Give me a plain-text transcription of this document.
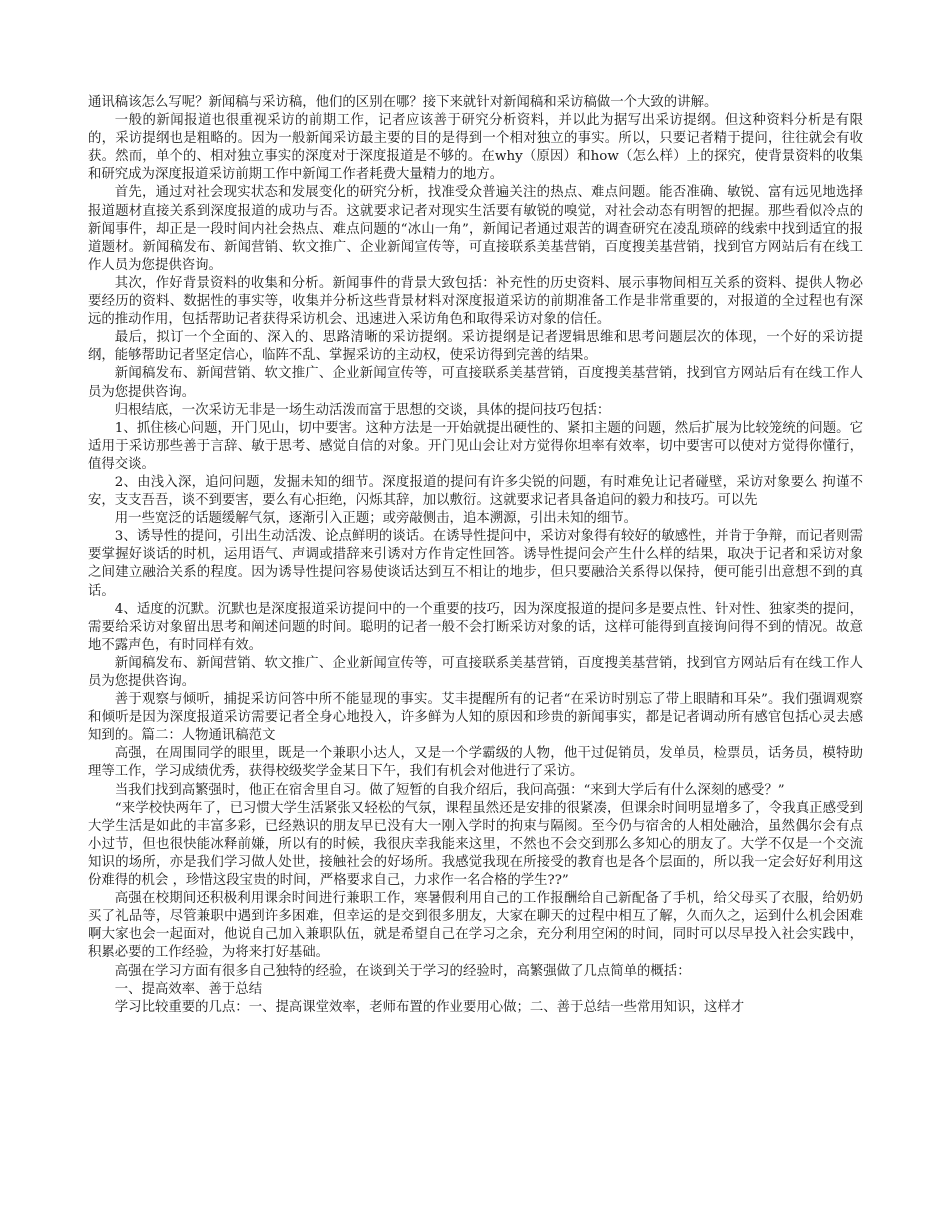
通讯稿该怎么写呢？新闻稿与采访稿，他们的区别在哪？接下来就针对新闻稿和采访稿做一个大致的讲解。

一般的新闻报道也很重视采访的前期工作，记者应该善于研究分析资料，并以此为据写出采访提纲。但这种资料分析是有限的，采访提纲也是粗略的。因为一般新闻采访最主要的目的是得到一个相对独立的事实。所以，只要记者精于提问，往往就会有收获。然而，单个的、相对独立事实的深度对于深度报道是不够的。在why（原因）和how（怎么样）上的探究，使背景资料的收集和研究成为深度报道采访前期工作中新闻工作者耗费大量精力的地方。

首先，通过对社会现实状态和发展变化的研究分析，找准受众普遍关注的热点、难点问题。能否准确、敏锐、富有远见地选择报道题材直接关系到深度报道的成功与否。这就要求记者对现实生活要有敏锐的嗅觉，对社会动态有明智的把握。那些看似冷点的新闻事件，却正是一段时间内社会热点、难点问题的“冰山一角”，新闻记者通过艰苦的调查研究在凌乱琐碎的线索中找到适宜的报道题材。新闻稿发布、新闻营销、软文推广、企业新闻宣传等，可直接联系美基营销，百度搜美基营销，找到官方网站后有在线工作人员为您提供咨询。

其次，作好背景资料的收集和分析。新闻事件的背景大致包括：补充性的历史资料、展示事物间相互关系的资料、提供人物必要经历的资料、数据性的事实等，收集并分析这些背景材料对深度报道采访的前期准备工作是非常重要的，对报道的全过程也有深远的推动作用，包括帮助记者获得采访机会、迅速进入采访角色和取得采访对象的信任。

最后，拟订一个全面的、深入的、思路清晰的采访提纲。采访提纲是记者逻辑思维和思考问题层次的体现，一个好的采访提纲，能够帮助记者坚定信心，临阵不乱、掌握采访的主动权，使采访得到完善的结果。

新闻稿发布、新闻营销、软文推广、企业新闻宣传等，可直接联系美基营销，百度搜美基营销，找到官方网站后有在线工作人员为您提供咨询。

归根结底，一次采访无非是一场生动活泼而富于思想的交谈，具体的提问技巧包括：

1、抓住核心问题，开门见山，切中要害。这种方法是一开始就提出硬性的、紧扣主题的问题，然后扩展为比较笼统的问题。它适用于采访那些善于言辞、敏于思考、感觉自信的对象。开门见山会让对方觉得你坦率有效率，切中要害可以使对方觉得你懂行，值得交谈。

2、由浅入深，追问问题，发掘未知的细节。深度报道的提问有许多尖锐的问题，有时难免让记者碰壁，采访对象要么 拘谨不安，支支吾吾，谈不到要害，要么有心拒绝，闪烁其辞，加以敷衍。这就要求记者具备追问的毅力和技巧。可以先

用一些宽泛的话题缓解气氛，逐渐引入正题；或旁敲侧击，追本溯源，引出未知的细节。

3、诱导性的提问，引出生动活泼、论点鲜明的谈话。在诱导性提问中，采访对象得有较好的敏感性，并肯于争辩，而记者则需要掌握好谈话的时机，运用语气、声调或措辞来引诱对方作肯定性回答。诱导性提问会产生什么样的结果，取决于记者和采访对象之间建立融洽关系的程度。因为诱导性提问容易使谈话达到互不相让的地步，但只要融洽关系得以保持，便可能引出意想不到的真话。

4、适度的沉默。沉默也是深度报道采访提问中的一个重要的技巧，因为深度报道的提问多是要点性、针对性、独家类的提问，需要给采访对象留出思考和阐述问题的时间。聪明的记者一般不会打断采访对象的话，这样可能得到直接询问得不到的情况。故意地不露声色，有时同样有效。

新闻稿发布、新闻营销、软文推广、企业新闻宣传等，可直接联系美基营销，百度搜美基营销，找到官方网站后有在线工作人员为您提供咨询。

善于观察与倾听，捕捉采访问答中所不能显现的事实。艾丰提醒所有的记者“在采访时别忘了带上眼睛和耳朵”。我们强调观察和倾听是因为深度报道采访需要记者全身心地投入，许多鲜为人知的原因和珍贵的新闻事实，都是记者调动所有感官包括心灵去感知到的。篇二：人物通讯稿范文

高强，在周围同学的眼里，既是一个兼职小达人，又是一个学霸级的人物，他干过促销员，发单员，检票员，话务员，模特助理等工作，学习成绩优秀，获得校级奖学金某日下午，我们有机会对他进行了采访。

当我们找到高繁强时，他正在宿舍里自习。做了短暂的自我介绍后，我问高强：“来到大学后有什么深刻的感受？”

“来学校快两年了，已习惯大学生活紧张又轻松的气氛，课程虽然还是安排的很紧凑，但课余时间明显增多了，令我真正感受到大学生活是如此的丰富多彩，已经熟识的朋友早已没有大一刚入学时的拘束与隔阂。至今仍与宿舍的人相处融洽，虽然偶尔会有点小过节，但也很快能冰释前嫌，所以有的时候，我很庆幸我能来这里，不然也不会交到那么多知心的朋友了。大学不仅是一个交流知识的场所，亦是我们学习做人处世，接触社会的好场所。我感觉我现在所接受的教育也是各个层面的，所以我一定会好好利用这份难得的机会 ，珍惜这段宝贵的时间，严格要求自己，力求作一名合格的学生??”

高强在校期间还积极利用课余时间进行兼职工作，寒暑假利用自己的工作报酬给自己新配备了手机，给父母买了衣服，给奶奶买了礼品等，尽管兼职中遇到许多困难，但幸运的是交到很多朋友，大家在聊天的过程中相互了解，久而久之，运到什么机会困难啊大家也会一起面对，他说自己加入兼职队伍，就是希望自己在学习之余，充分利用空闲的时间，同时可以尽早投入社会实践中，积累必要的工作经验，为将来打好基础。

高强在学习方面有很多自己独特的经验，在谈到关于学习的经验时，高繁强做了几点简单的概括：

一、提高效率、善于总结

学习比较重要的几点：一、提高课堂效率，老师布置的作业要用心做；二、善于总结一些常用知识，这样才
